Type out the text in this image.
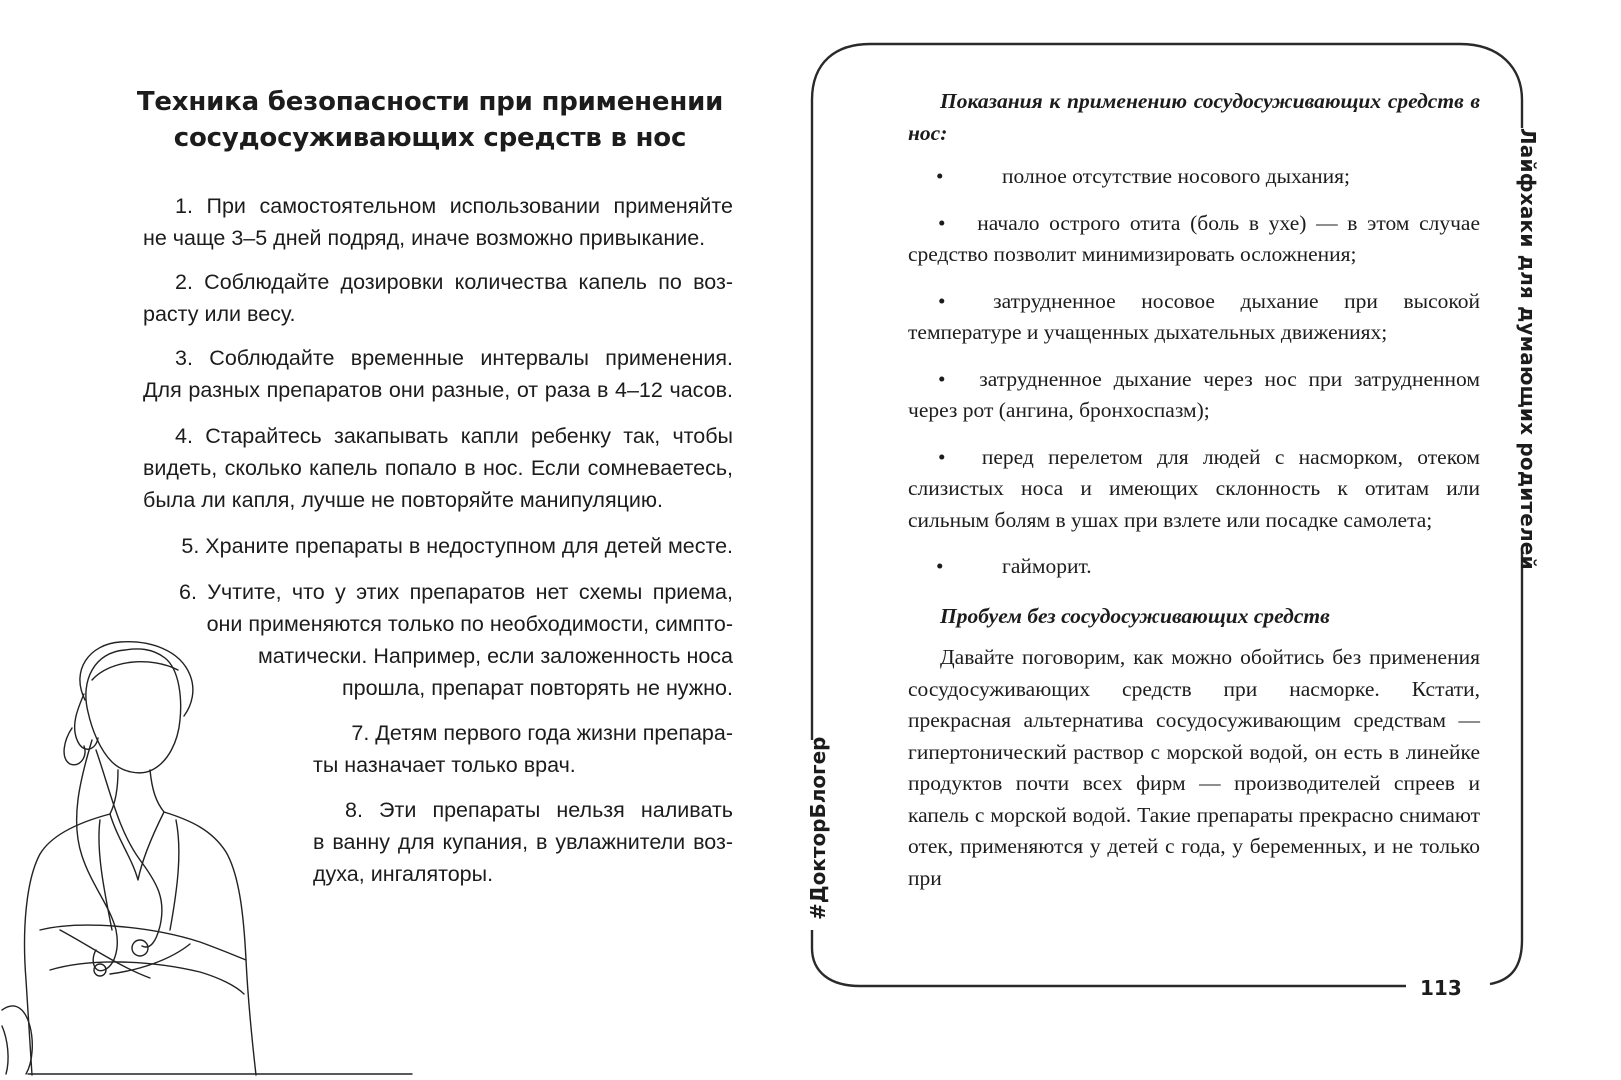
Техника безопасности при применении
сосудосуживающих средств в нос
1. При самостоятельном использовании применяйте
не чаще 3–5 дней подряд, иначе возможно привыкание.
2. Соблюдайте дозировки количества капель по воз-
расту или весу.
3. Соблюдайте временные интервалы применения.
Для разных препаратов они разные, от раза в 4–12 часов.
4. Старайтесь закапывать капли ребенку так, чтобы
видеть, сколько капель попало в нос. Если сомневаетесь,
была ли капля, лучше не повторяйте манипуляцию.
5. Храните препараты в недоступном для детей месте.
6. Учтите, что у этих препаратов нет схемы приема,
они применяются только по необходимости, симпто-
матически. Например, если заложенность носа
прошла, препарат повторять не нужно.
7. Детям первого года жизни препара-
ты назначает только врач.
8. Эти препараты нельзя наливать
в ванну для купания, в увлажнители воз-
духа, ингаляторы.

Показания к применению сосудосуживающих средств в нос:

•	полное отсутствие носового дыхания;
• начало острого отита (боль в ухе) — в этом случае средство позволит минимизировать осложнения;
• затрудненное носовое дыхание при высокой температуре и учащенных дыхательных движениях;
• затрудненное дыхание через нос при затрудненном через рот (ангина, бронхоспазм);
• перед перелетом для людей с насморком, отеком слизистых носа и имеющих склонность к отитам или сильным болям в ушах при взлете или посадке самолета;
•	гайморит.

Пробуем без сосудосуживающих средств

Давайте поговорим, как можно обойтись без применения сосудосуживающих средств при насморке. Кстати, прекрасная альтернатива сосудосуживающим средствам — гипертонический раствор с морской водой, он есть в линейке продуктов почти всех фирм — производителей спреев и капель с морской водой. Такие препараты прекрасно снимают отек, применяются у детей с года, у беременных, и не только при

Лайфхаки для думающих родителей
#ДокторБлогер
113
